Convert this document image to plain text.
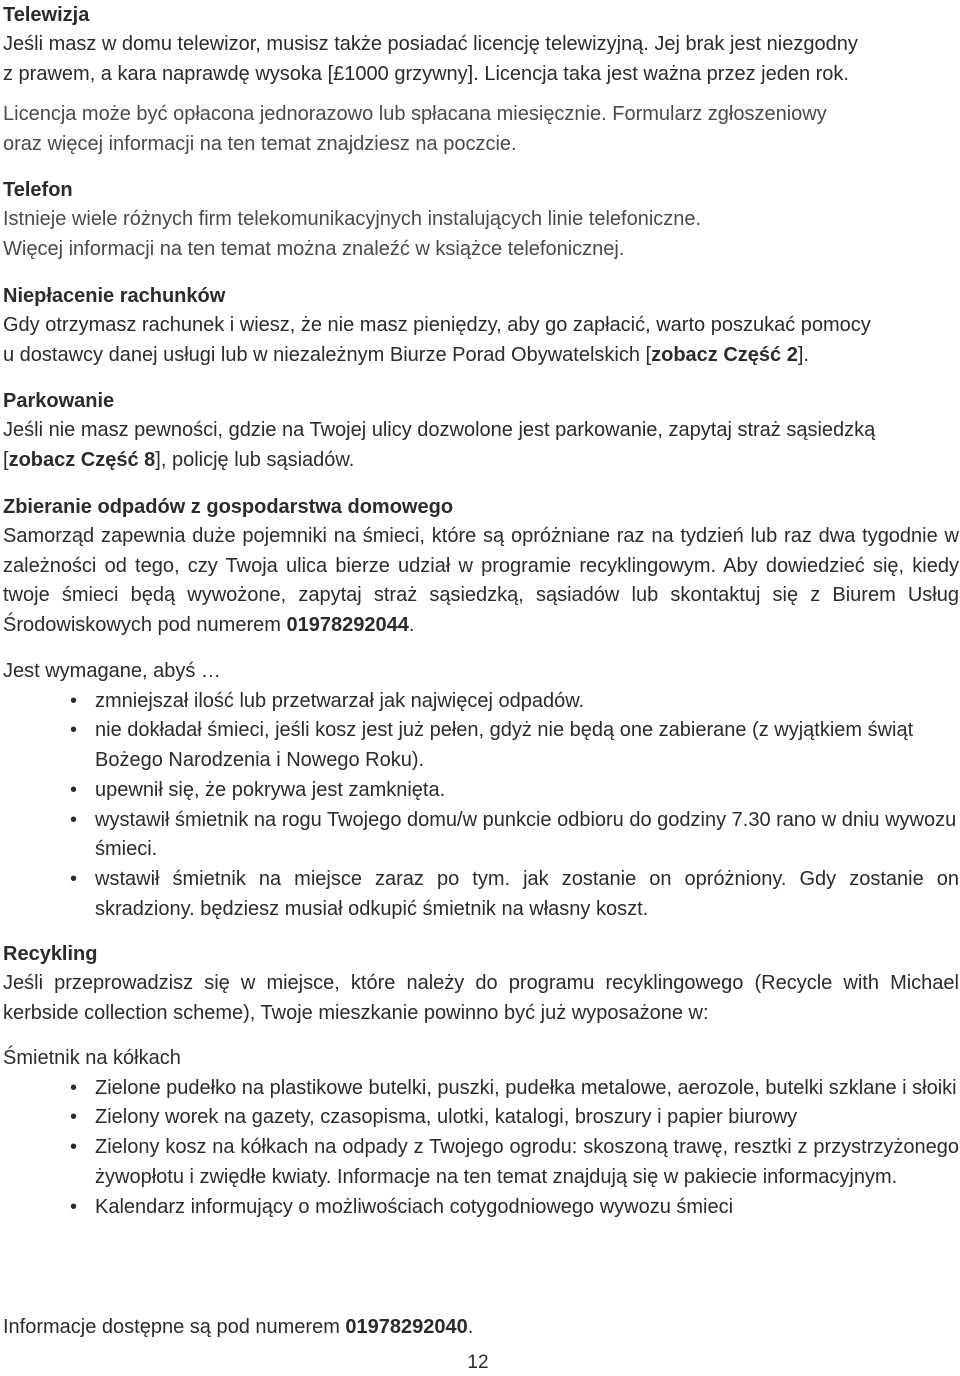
Telewizja
Jeśli masz w domu telewizor, musisz także posiadać licencję telewizyjną. Jej brak jest niezgodny
z prawem, a kara naprawdę wysoka [£1000 grzywny]. Licencja taka jest ważna przez jeden rok.
Licencja może być opłacona jednorazowo lub spłacana miesięcznie. Formularz zgłoszeniowy
oraz więcej informacji na ten temat znajdziesz na poczcie.
Telefon
Istnieje wiele różnych firm telekomunikacyjnych instalujących linie telefoniczne.
Więcej informacji na ten temat można znaleźć w książce telefonicznej.
Niepłacenie rachunków
Gdy otrzymasz rachunek i wiesz, że nie masz pieniędzy, aby go zapłacić, warto poszukać pomocy
u dostawcy danej usługi lub w niezależnym Biurze Porad Obywatelskich [zobacz Część 2].
Parkowanie
Jeśli nie masz pewności, gdzie na Twojej ulicy dozwolone jest parkowanie, zapytaj straż sąsiedzką
[zobacz Część 8], policję lub sąsiadów.
Zbieranie odpadów z gospodarstwa domowego

Samorząd zapewnia duże pojemniki na śmieci, które są opróżniane raz na tydzień lub raz dwa tygodnie w zależności od tego, czy Twoja ulica bierze udział w programie recyklingowym. Aby dowiedzieć się, kiedy twoje śmieci będą wywożone, zapytaj straż sąsiedzką, sąsiadów lub skontaktuj się z Biurem Usług Środowiskowych pod numerem 01978292044.

Jest wymagane, abyś …
• zmniejszał ilość lub przetwarzał jak najwięcej odpadów.
• nie dokładał śmieci, jeśli kosz jest już pełen, gdyż nie będą one zabierane (z wyjątkiem świąt Bożego Narodzenia i Nowego Roku).
• upewnił się, że pokrywa jest zamknięta.
• wystawił śmietnik na rogu Twojego domu/w punkcie odbioru do godziny 7.30 rano w dniu wywozu śmieci.
• wstawił śmietnik na miejsce zaraz po tym. jak zostanie on opróżniony. Gdy zostanie on skradziony. będziesz musiał odkupić śmietnik na własny koszt.
Recykling

Jeśli przeprowadzisz się w miejsce, które należy do programu recyklingowego (Recycle with Michael kerbside collection scheme), Twoje mieszkanie powinno być już wyposażone w:

Śmietnik na kółkach
• Zielone pudełko na plastikowe butelki, puszki, pudełka metalowe, aerozole, butelki szklane i słoiki
• Zielony worek na gazety, czasopisma, ulotki, katalogi, broszury i papier biurowy
• Zielony kosz na kółkach na odpady z Twojego ogrodu: skoszoną trawę, resztki z przystrzyżonego żywopłotu i zwiędłe kwiaty. Informacje na ten temat znajdują się w pakiecie informacyjnym.
• Kalendarz informujący o możliwościach cotygodniowego wywozu śmieci
Informacje dostępne są pod numerem 01978292040.
12
